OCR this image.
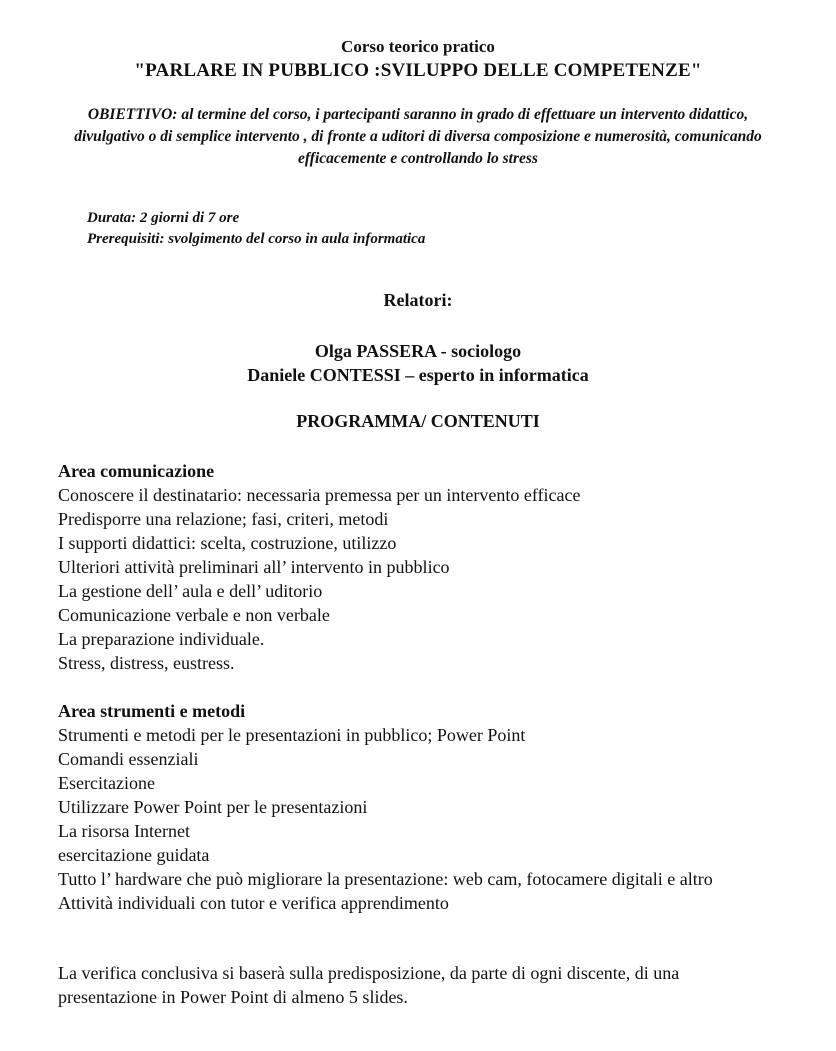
Corso teorico pratico
"PARLARE IN PUBBLICO :SVILUPPO DELLE COMPETENZE"
OBIETTIVO: al termine del corso, i partecipanti saranno in grado di effettuare un intervento didattico, divulgativo o di semplice intervento , di fronte a uditori di diversa composizione e numerosità, comunicando efficacemente e controllando lo stress
Durata: 2 giorni di 7 ore
Prerequisiti: svolgimento del corso in aula informatica
Relatori:
Olga PASSERA - sociologo
Daniele CONTESSI – esperto in informatica
PROGRAMMA/ CONTENUTI
Area comunicazione
Conoscere il destinatario: necessaria premessa per un intervento efficace
Predisporre una relazione; fasi, criteri, metodi
I supporti didattici: scelta, costruzione, utilizzo
Ulteriori attività preliminari all’ intervento in pubblico
La gestione dell’ aula e dell’ uditorio
Comunicazione verbale e non verbale
La preparazione individuale.
Stress, distress, eustress.
Area strumenti e metodi
Strumenti e metodi per le presentazioni in pubblico; Power Point
Comandi essenziali
Esercitazione
Utilizzare Power Point per le presentazioni
La risorsa Internet
esercitazione guidata
Tutto l’ hardware che può migliorare la presentazione: web cam, fotocamere digitali e altro
Attività individuali con tutor e verifica apprendimento
La verifica conclusiva si baserà sulla predisposizione, da parte di ogni discente, di una presentazione in Power Point di almeno 5 slides.
